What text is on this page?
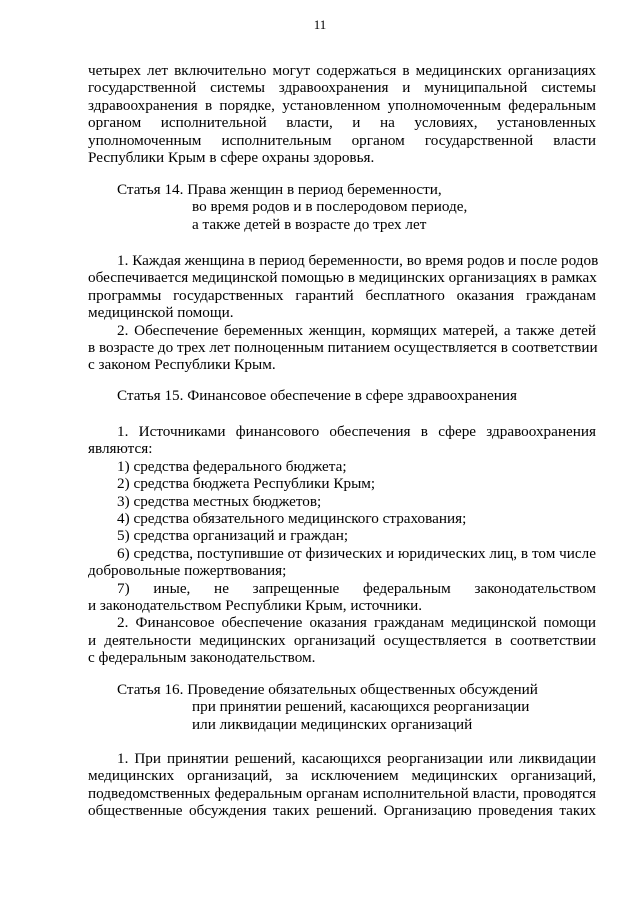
11
четырех лет включительно могут содержаться в медицинских организациях
государственной системы здравоохранения и муниципальной системы
здравоохранения в порядке, установленном уполномоченным федеральным
органом исполнительной власти, и на условиях, установленных
уполномоченным исполнительным органом государственной власти
Республики Крым в сфере охраны здоровья.
Статья 14. Права женщин в период беременности,
во время родов и в послеродовом периоде,
а также детей в возрасте до трех лет
1. Каждая женщина в период беременности, во время родов и после родов
обеспечивается медицинской помощью в медицинских организациях в рамках
программы государственных гарантий бесплатного оказания гражданам
медицинской помощи.
2. Обеспечение беременных женщин, кормящих матерей, а также детей
в возрасте до трех лет полноценным питанием осуществляется в соответствии
с законом Республики Крым.
Статья 15. Финансовое обеспечение в сфере здравоохранения
1. Источниками финансового обеспечения в сфере здравоохранения
являются:
1) средства федерального бюджета;
2) средства бюджета Республики Крым;
3) средства местных бюджетов;
4) средства обязательного медицинского страхования;
5) средства организаций и граждан;
6) средства, поступившие от физических и юридических лиц, в том числе
добровольные пожертвования;
7) иные, не запрещенные федеральным законодательством
и законодательством Республики Крым, источники.
2. Финансовое обеспечение оказания гражданам медицинской помощи
и деятельности медицинских организаций осуществляется в соответствии
с федеральным законодательством.
Статья 16. Проведение обязательных общественных обсуждений
при принятии решений, касающихся реорганизации
или ликвидации медицинских организаций
1. При принятии решений, касающихся реорганизации или ликвидации
медицинских организаций, за исключением медицинских организаций,
подведомственных федеральным органам исполнительной власти, проводятся
общественные обсуждения таких решений. Организацию проведения таких
